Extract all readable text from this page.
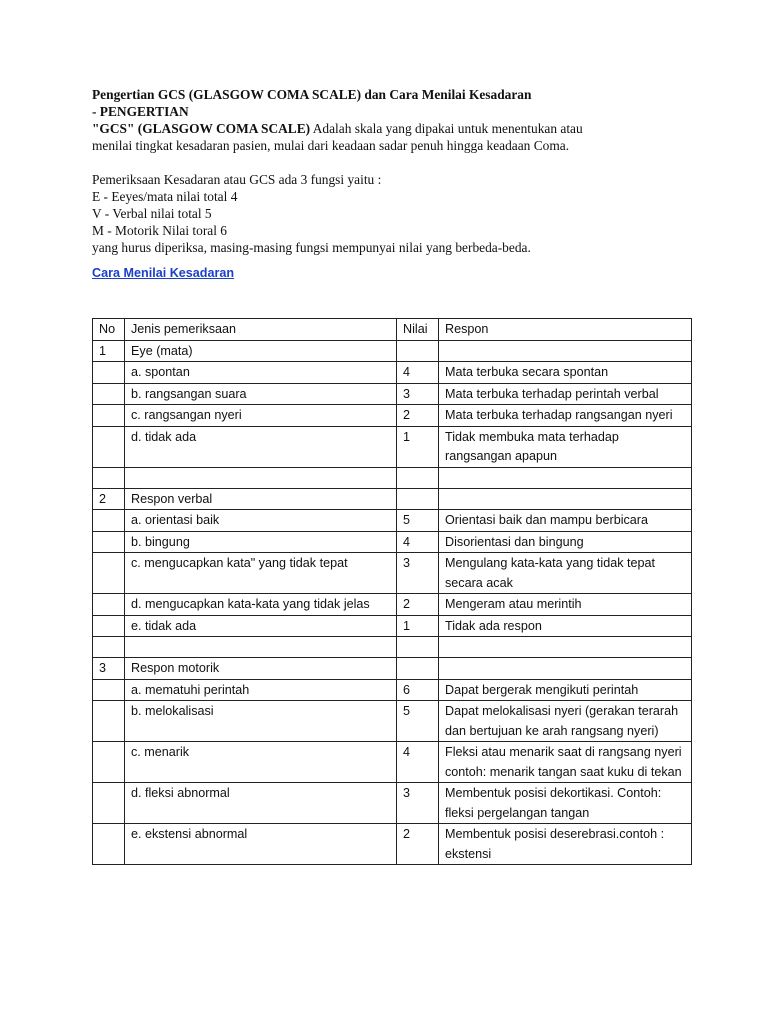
Pengertian GCS (GLASGOW COMA SCALE) dan Cara Menilai Kesadaran
- PENGERTIAN
"GCS" (GLASGOW COMA SCALE) Adalah skala yang dipakai untuk menentukan atau
menilai tingkat kesadaran pasien, mulai dari keadaan sadar penuh hingga keadaan Coma.
Pemeriksaan Kesadaran atau GCS ada 3 fungsi yaitu :
E - Eeyes/mata nilai total 4
V - Verbal nilai total 5
M - Motorik Nilai toral 6
yang hurus diperiksa, masing-masing fungsi mempunyai nilai yang berbeda-beda.
Cara Menilai Kesadaran
No	Jenis pemeriksaan	Nilai	Respon
1	Eye (mata)		
	a. spontan	4	Mata terbuka secara spontan
	b. rangsangan suara	3	Mata terbuka terhadap perintah verbal
	c. rangsangan nyeri	2	Mata terbuka terhadap rangsangan nyeri
	d. tidak ada	1	Tidak membuka mata terhadap rangsangan apapun

2	Respon verbal		
	a. orientasi baik	5	Orientasi baik dan mampu berbicara
	b. bingung	4	Disorientasi dan bingung
	c. mengucapkan kata" yang tidak tepat	3	Mengulang kata-kata yang tidak tepat secara acak
	d. mengucapkan kata-kata yang tidak jelas	2	Mengeram atau merintih
	e. tidak ada	1	Tidak ada respon

3	Respon motorik		
	a. mematuhi perintah	6	Dapat bergerak mengikuti perintah
	b. melokalisasi	5	Dapat melokalisasi nyeri (gerakan terarah dan bertujuan ke arah rangsang nyeri)
	c. menarik	4	Fleksi atau menarik saat di rangsang nyeri contoh: menarik tangan saat kuku di tekan
	d. fleksi abnormal	3	Membentuk posisi dekortikasi. Contoh: fleksi pergelangan tangan
	e. ekstensi abnormal	2	Membentuk posisi deserebrasi.contoh : ekstensi
